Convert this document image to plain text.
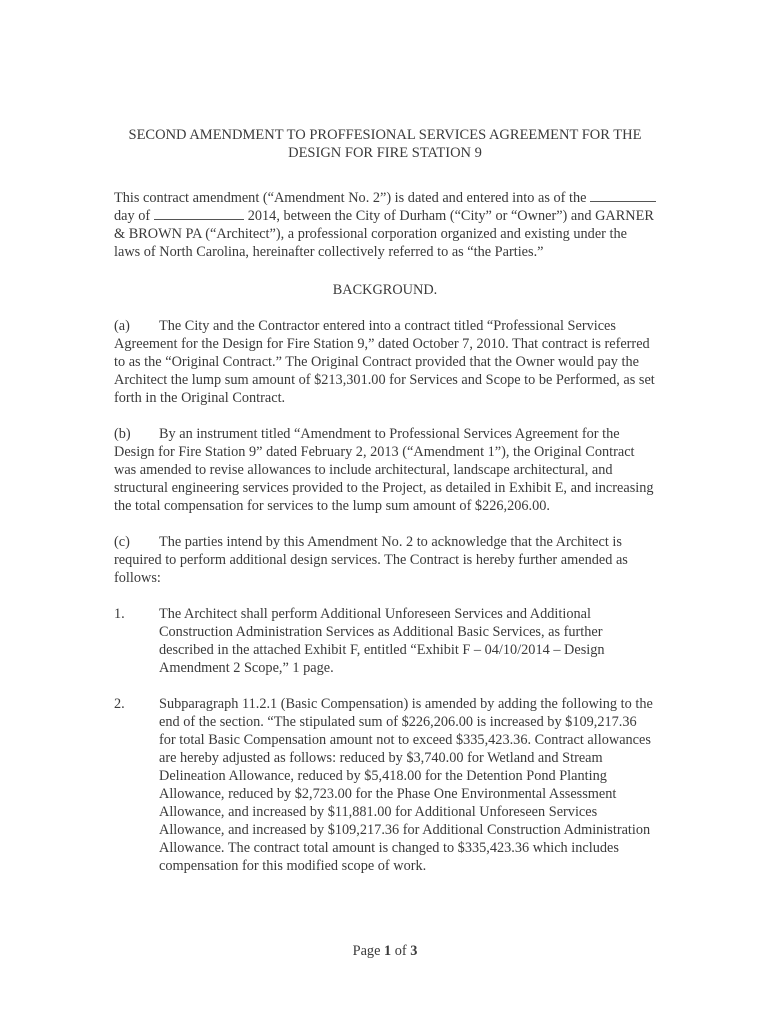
SECOND AMENDMENT TO PROFFESIONAL SERVICES AGREEMENT FOR THE
DESIGN FOR FIRE STATION 9

This contract amendment (“Amendment No. 2”) is dated and entered into as of the  day of	2014, between the City of Durham (“City” or “Owner”) and GARNER & BROWN PA (“Architect”), a professional corporation organized and existing under the laws of North Carolina, hereinafter collectively referred to as “the Parties.”

BACKGROUND.

(a) The City and the Contractor entered into a contract titled “Professional Services Agreement for the Design for Fire Station 9,” dated October 7, 2010. That contract is referred to as the “Original Contract.” The Original Contract provided that the Owner would pay the Architect the lump sum amount of $213,301.00 for Services and Scope to be Performed, as set forth in the Original Contract.

(b) By an instrument titled “Amendment to Professional Services Agreement for the Design for Fire Station 9” dated February 2, 2013 (“Amendment 1”), the Original Contract was amended to revise allowances to include architectural, landscape architectural, and structural engineering services provided to the Project, as detailed in Exhibit E, and increasing the total compensation for services to the lump sum amount of $226,206.00.

(c) The parties intend by this Amendment No. 2 to acknowledge that the Architect is required to perform additional design services. The Contract is hereby further amended as follows:

1.	The Architect shall perform Additional Unforeseen Services and Additional Construction Administration Services as Additional Basic Services, as further described in the attached Exhibit F, entitled “Exhibit F – 04/10/2014 – Design Amendment 2 Scope,” 1 page.
2.	Subparagraph 11.2.1 (Basic Compensation) is amended by adding the following to the end of the section. “The stipulated sum of $226,206.00 is increased by $109,217.36 for total Basic Compensation amount not to exceed $335,423.36. Contract allowances are hereby adjusted as follows: reduced by $3,740.00 for Wetland and Stream Delineation Allowance, reduced by $5,418.00 for the Detention Pond Planting Allowance, reduced by $2,723.00 for the Phase One Environmental Assessment Allowance, and increased by $11,881.00 for Additional Unforeseen Services Allowance, and increased by $109,217.36 for Additional Construction Administration Allowance. The contract total amount is changed to $335,423.36 which includes compensation for this modified scope of work.
Page 1 of 3
